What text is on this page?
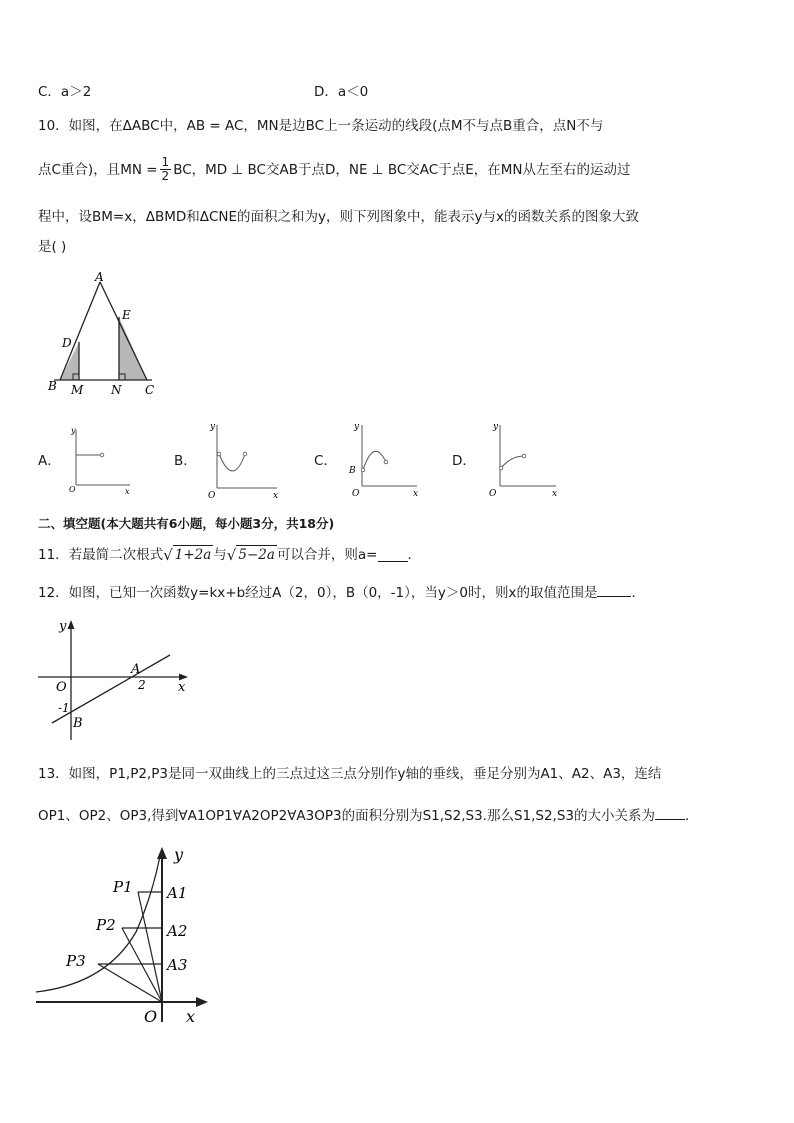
C．a＞2	D．a＜0
10．如图，在ΔABC中，AB = AC，MN是边BC上一条运动的线段(点M不与点B重合，点N不与
点C重合)，且MN = $\frac{1}{2}$ BC，MD ⊥ BC交AB于点D，NE ⊥ BC交AC于点E，在MN从左至右的运动过
程中，设BM=x，ΔBMD和ΔCNE的面积之和为y，则下列图象中，能表示y与x的函数关系的图象大致
是( )
A
B	C
D
E
M N
A．
y
x
O
B．
y
x
O
C．
y
x
O
B
D．
y
x
O
二、填空题(本大题共有6小题，每小题3分，共18分)
11．若最简二次根式 √ 1+2a 与 √ 5−2a 可以合并，则a= ．
12．如图，已知一次函数y=kx+b经过A（2，0），B（0，-1），当y＞0时，则x的取值范围是	．
y
x
O
A
2
-1
B
13．如图，P1,P2,P3是同一双曲线上的三点过这三点分别作y轴的垂线，垂足分别为A1、A2、A3，连结
OP1、OP2、OP3,得到∀A1OP1∀A2OP2∀A3OP3的面积分别为S1,S2,S3.那么S1,S2,S3的大小关系为 ．
y
x
O
P1
P2
P3
A1
A2
A3
